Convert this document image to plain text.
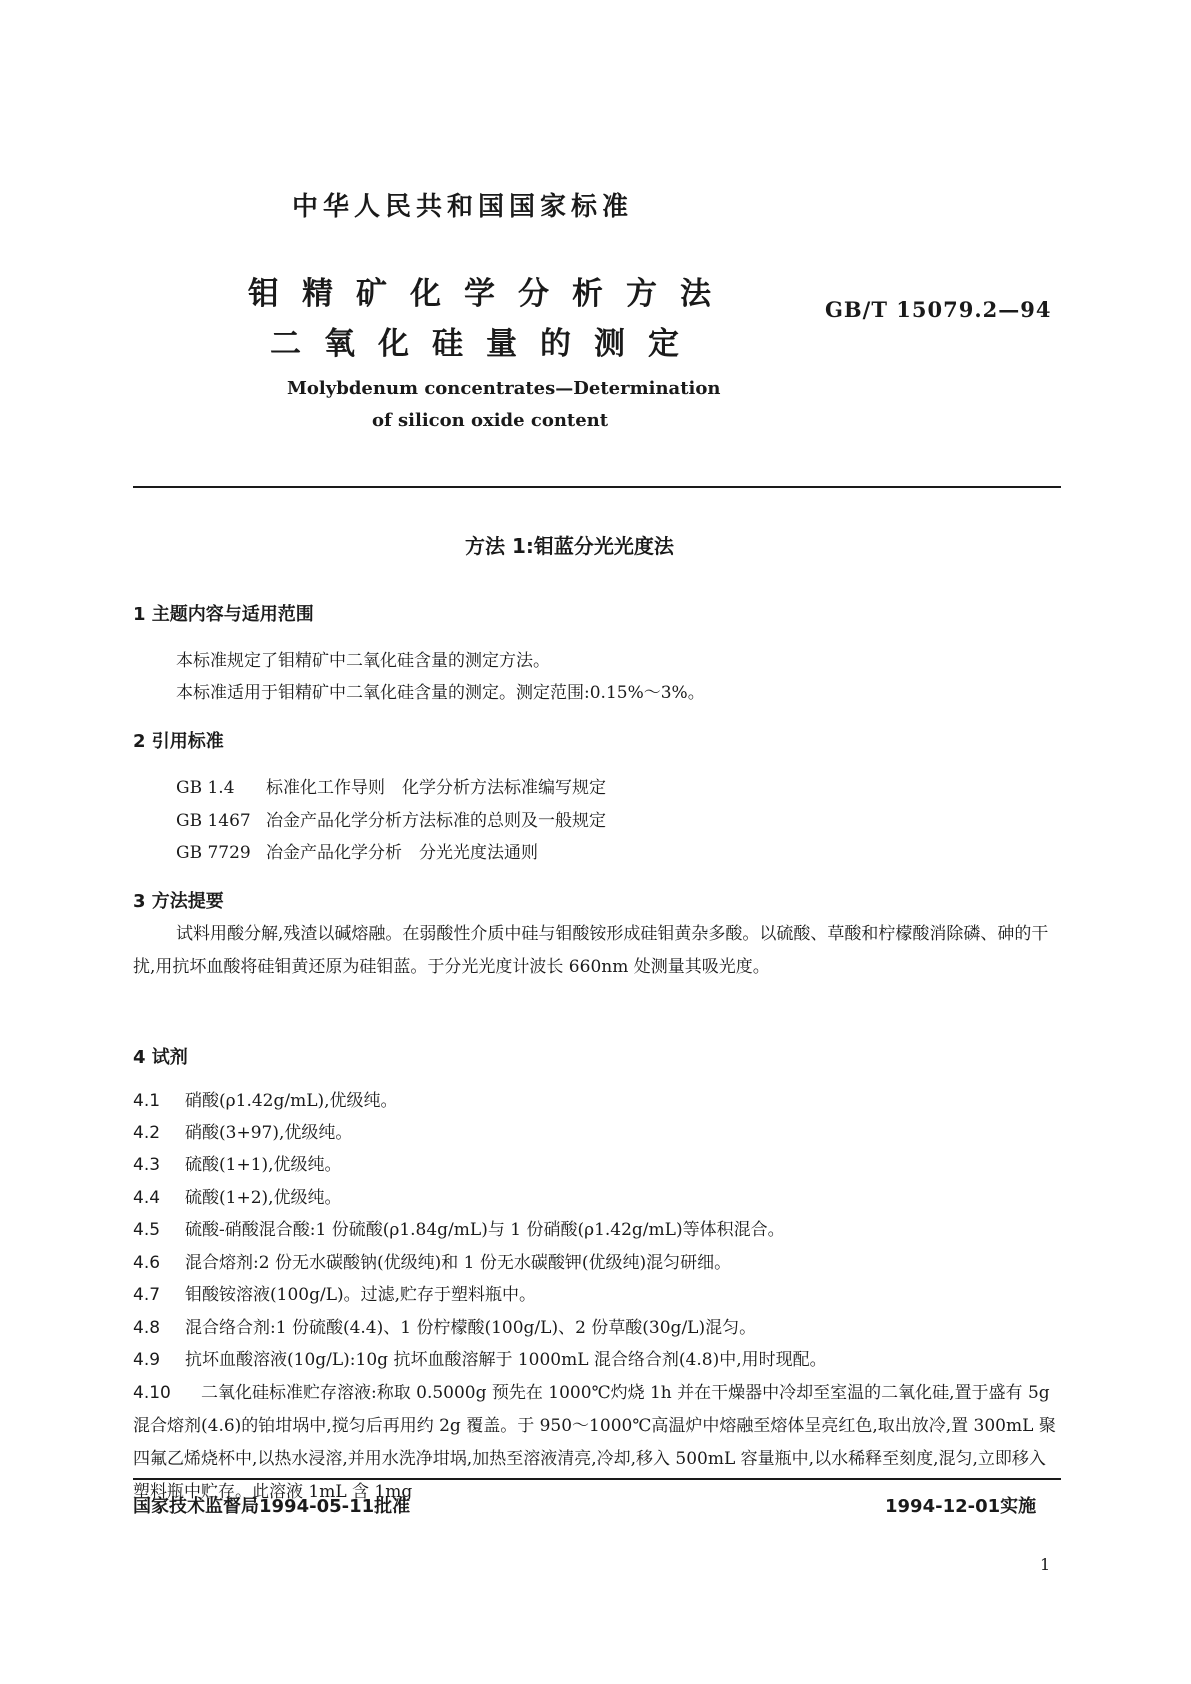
中华人民共和国国家标准
钼精矿化学分析方法
二氧化硅量的测定
GB/T 15079.2—94
Molybdenum concentrates—Determination
of silicon oxide content
方法 1:钼蓝分光光度法
1 主题内容与适用范围
本标准规定了钼精矿中二氧化硅含量的测定方法。
本标准适用于钼精矿中二氧化硅含量的测定。测定范围:0.15%～3%。
2 引用标准
GB 1.4 标准化工作导则　化学分析方法标准编写规定
GB 1467 冶金产品化学分析方法标准的总则及一般规定
GB 7729 冶金产品化学分析　分光光度法通则
3 方法提要
试料用酸分解,残渣以碱熔融。在弱酸性介质中硅与钼酸铵形成硅钼黄杂多酸。以硫酸、草酸和柠檬酸消除磷、砷的干扰,用抗坏血酸将硅钼黄还原为硅钼蓝。于分光光度计波长 660nm 处测量其吸光度。
4 试剂
4.1 硝酸(ρ1.42g/mL),优级纯。
4.2 硝酸(3+97),优级纯。
4.3 硫酸(1+1),优级纯。
4.4 硫酸(1+2),优级纯。
4.5 硫酸-硝酸混合酸:1 份硫酸(ρ1.84g/mL)与 1 份硝酸(ρ1.42g/mL)等体积混合。
4.6 混合熔剂:2 份无水碳酸钠(优级纯)和 1 份无水碳酸钾(优级纯)混匀研细。
4.7 钼酸铵溶液(100g/L)。过滤,贮存于塑料瓶中。
4.8 混合络合剂:1 份硫酸(4.4)、1 份柠檬酸(100g/L)、2 份草酸(30g/L)混匀。
4.9 抗坏血酸溶液(10g/L):10g 抗坏血酸溶解于 1000mL 混合络合剂(4.8)中,用时现配。
4.10 二氧化硅标准贮存溶液:称取 0.5000g 预先在 1000℃灼烧 1h 并在干燥器中冷却至室温的二氧化硅,置于盛有 5g 混合熔剂(4.6)的铂坩埚中,搅匀后再用约 2g 覆盖。于 950～1000℃高温炉中熔融至熔体呈亮红色,取出放冷,置 300mL 聚四氟乙烯烧杯中,以热水浸溶,并用水洗净坩埚,加热至溶液清亮,冷却,移入 500mL 容量瓶中,以水稀释至刻度,混匀,立即移入塑料瓶中贮存。此溶液 1mL 含 1mg
国家技术监督局1994-05-11批准	1994-12-01实施
1
